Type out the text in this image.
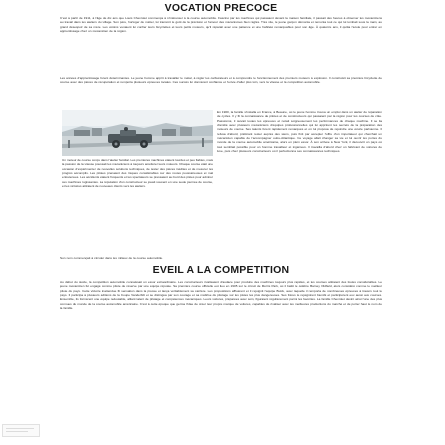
VOCATION PRECOCE
C'est à partir de 1911, à l'âge de dix ans que Louis Chevrolet commença à s'intéresser à la course automobile. Fasciné par les machines qui passaient devant la maison familiale, il passait des heures à observer les mécaniciens au travail dans les ateliers du village. Son père, horloger de métier, lui transmit le goût de la précision et l'amour des mécanismes bien réglés. Très vite, le jeune garçon démonta et remonta tout ce qui lui tombait sous la main, au grand désespoir de sa mère. Les voisins venaient lui confier leurs bicyclettes et leurs petits moteurs, qu'il réparait avec une patience et une habileté remarquables pour son âge. À quatorze ans, il quitta l'école pour entrer en apprentissage chez un mécanicien de la région.
Les années d'apprentissage furent déterminantes. Le jeune homme apprit à travailler le métal, à régler les carburateurs et à comprendre le fonctionnement des premiers moteurs à explosion. Il construisit sa première bicyclette de course avec des pièces de récupération et remporta plusieurs épreuves locales. Ces succès lui donnèrent confiance et l'envie d'aller plus loin, vers la vitesse et la compétition automobile.
Un moteur de course conçu dans l'atelier familial. Les premières machines étaient lourdes et peu fiables, mais la passion de la vitesse poussait les mécaniciens à toujours améliorer leurs moteurs. Chaque course était une occasion d'expérimenter de nouvelles solutions techniques, de tester des pièces inédites et de mesurer les progrès accomplis. Les pilotes prenaient des risques considérables sur des routes poussiéreuses et mal entretenues. Les accidents étaient fréquents et les spectateurs se pressaient au bord des pistes pour admirer ces machines rugissantes. La réputation d'un constructeur se jouait souvent en une seule journée de course, et les victoires attiraient de nouveaux clients vers les ateliers.
En 1900, la famille s'installa en France, à Beaune, où le jeune homme trouva un emploi dans un atelier de réparation de cycles. Il y fit la connaissance de pilotes et de constructeurs qui passaient par la région pour les courses de côte. Passionné, il suivait toutes les épreuves et notait soigneusement les performances de chaque machine. Il se lia d'amitié avec plusieurs mécaniciens d'équipes professionnelles qui lui apprirent les secrets de la préparation des moteurs de course. Ses talents furent rapidement remarqués et on lui proposa de rejoindre une écurie parisienne. Il refusa d'abord, préférant rester auprès des siens, puis finit par accepter l'offre d'un importateur qui cherchait un mécanicien capable de l'accompagner outre-Atlantique. Ce voyage allait changer sa vie et lui ouvrir les portes du monde de la course automobile américaine, alors en plein essor. À son arrivée à New York, il découvrit un pays où tout semblait possible pour un homme travailleur et ingénieux. Il travailla d'abord chez un fabricant de voitures de luxe, puis chez plusieurs constructeurs où il perfectionna ses connaissances techniques.
Son nom commençait à circuler dans les milieux de la course automobile.
EVEIL A LA COMPETITION
Au début du siècle, la compétition automobile connaissait un essor extraordinaire. Les constructeurs rivalisaient d'audace pour produire des machines toujours plus rapides, et les courses attiraient des foules considérables. Le jeune mécanicien fut engagé comme pilote de réserve par une équipe réputée. Sa première course officielle eut lieu en 1905 sur le circuit de Morris Park, où il battit le célèbre Barney Oldfield, alors considéré comme le meilleur pilote du pays. Cette victoire inattendue fit sensation dans la presse et lança véritablement sa carrière. Les propositions affluèrent et il rejoignit l'équipe Buick, avec laquelle il remporta de nombreuses épreuves à travers tout le pays. Il participa à plusieurs éditions de la Coupe Vanderbilt et se distingua par son courage et sa maîtrise du pilotage sur les pistes les plus dangereuses. Ses frères le rejoignirent bientôt et participèrent eux aussi aux courses. Ensemble, ils formèrent une équipe redoutable, alliant talent de pilotage et compétences mécaniques. Leurs voitures, préparées avec soin, figuraient régulièrement parmi les favorites. La famille Chevrolet devint ainsi l'une des plus connues du monde de la course automobile américaine. C'est à cette époque que germa l'idée de créer leur propre marque de voitures, capables de rivaliser avec les meilleures productions du marché et de porter haut le nom de la famille.
